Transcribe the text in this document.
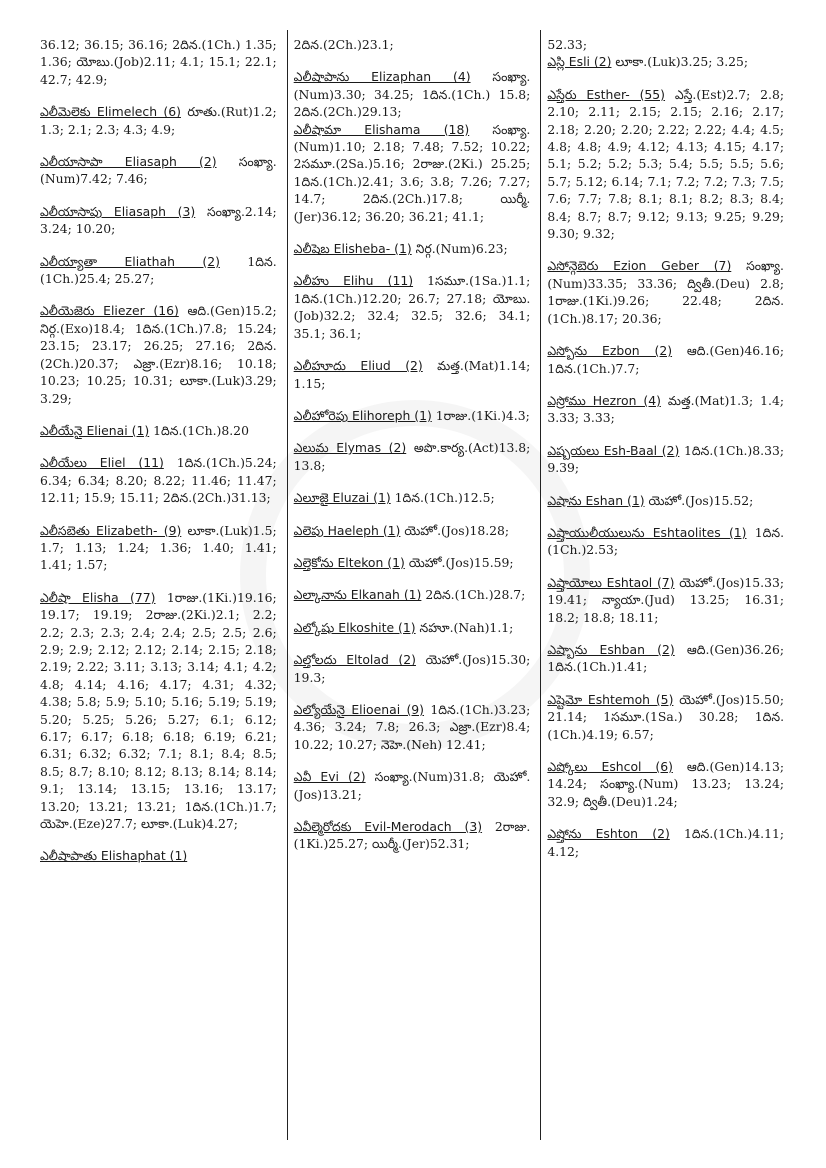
36.12; 36.15; 36.16; 2దిన.(1Ch.) 1.35; 1.36; యోబు.(Job)2.11; 4.1; 15.1; 22.1; 42.7; 42.9;
ఎలీమెలెకు Elimelech (6) రూతు.(Rut)1.2; 1.3; 2.1; 2.3; 4.3; 4.9;
ఎలీయాసాపా Eliasaph (2) సంఖ్యా.(Num)7.42; 7.46;
ఎలీయాసాపు Eliasaph (3) సంఖ్యా.2.14; 3.24; 10.20;
ఎలీయ్యాతా Eliathah (2) 1దిన.(1Ch.)25.4; 25.27;
ఎలీయెజెరు Eliezer (16) ఆది.(Gen)15.2; నిర్గ.(Exo)18.4; 1దిన.(1Ch.)7.8; 15.24; 23.15; 23.17; 26.25; 27.16; 2దిన.(2Ch.)20.37; ఎజ్రా.(Ezr)8.16; 10.18; 10.23; 10.25; 10.31; లూకా.(Luk)3.29; 3.29;
ఎలీయేనై Elienai (1) 1దిన.(1Ch.)8.20
ఎలీయేలు Eliel (11) 1దిన.(1Ch.)5.24; 6.34; 6.34; 8.20; 8.22; 11.46; 11.47; 12.11; 15.9; 15.11; 2దిన.(2Ch.)31.13;
ఎలీసబెతు Elizabeth- (9) లూకా.(Luk)1.5; 1.7; 1.13; 1.24; 1.36; 1.40; 1.41; 1.41; 1.57;
ఎలీషా Elisha (77) 1రాజు.(1Ki.)19.16; 19.17; 19.19; 2రాజు.(2Ki.)2.1; 2.2; 2.2; 2.3; 2.3; 2.4; 2.4; 2.5; 2.5; 2.6; 2.9; 2.9; 2.12; 2.12; 2.14; 2.15; 2.18; 2.19; 2.22; 3.11; 3.13; 3.14; 4.1; 4.2; 4.8; 4.14; 4.16; 4.17; 4.31; 4.32; 4.38; 5.8; 5.9; 5.10; 5.16; 5.19; 5.19; 5.20; 5.25; 5.26; 5.27; 6.1; 6.12; 6.17; 6.17; 6.18; 6.18; 6.19; 6.21; 6.31; 6.32; 6.32; 7.1; 8.1; 8.4; 8.5; 8.5; 8.7; 8.10; 8.12; 8.13; 8.14; 8.14; 9.1; 13.14; 13.15; 13.16; 13.17; 13.20; 13.21; 13.21; 1దిన.(1Ch.)1.7; యెహె.(Eze)27.7; లూకా.(Luk)4.27;
ఎలీషాపాతు Elishaphat (1)
2దిన.(2Ch.)23.1;
ఎలీషాపాను Elizaphan (4) సంఖ్యా.(Num)3.30; 34.25; 1దిన.(1Ch.) 15.8; 2దిన.(2Ch.)29.13;
ఎలీషామా Elishama (18) సంఖ్యా.(Num)1.10; 2.18; 7.48; 7.52; 10.22; 2సమూ.(2Sa.)5.16; 2రాజు.(2Ki.) 25.25; 1దిన.(1Ch.)2.41; 3.6; 3.8; 7.26; 7.27; 14.7; 2దిన.(2Ch.)17.8; యిర్మీ.(Jer)36.12; 36.20; 36.21; 41.1;
ఎలీషెబ Elisheba- (1) నిర్గ.(Num)6.23;
ఎలీహు Elihu (11) 1సమూ.(1Sa.)1.1; 1దిన.(1Ch.)12.20; 26.7; 27.18; యోబు.(Job)32.2; 32.4; 32.5; 32.6; 34.1; 35.1; 36.1;
ఎలీహూదు Eliud (2) మత్త.(Mat)1.14; 1.15;
ఎలీహోరెపు Elihoreph (1) 1రాజు.(1Ki.)4.3;
ఎలుమ Elymas (2) అపొ.కార్య.(Act)13.8; 13.8;
ఎలూజై Eluzai (1) 1దిన.(1Ch.)12.5;
ఎలెపు Haeleph (1) యెహో.(Jos)18.28;
ఎల్తెకోను Eltekon (1) యెహో.(Jos)15.59;
ఎల్కానాను Elkanah (1) 2దిన.(1Ch.)28.7;
ఎల్కోషు Elkoshite (1) నహూ.(Nah)1.1;
ఎల్తోలదు Eltolad (2) యెహో.(Jos)15.30; 19.3;
ఎల్యోయేనై Elioenai (9) 1దిన.(1Ch.)3.23; 4.36; 3.24; 7.8; 26.3; ఎజ్రా.(Ezr)8.4; 10.22; 10.27; నెహె.(Neh) 12.41;
ఎవీ Evi (2) సంఖ్యా.(Num)31.8; యెహో.(Jos)13.21;
ఎవీల్మెరోదకు Evil-Merodach (3) 2రాజు.(1Ki.)25.27; యిర్మీ.(Jer)52.31;
52.33;
ఎస్లి Esli (2) లూకా.(Luk)3.25; 3.25;
ఎస్తేరు Esther- (55) ఎస్తే.(Est)2.7; 2.8; 2.10; 2.11; 2.15; 2.15; 2.16; 2.17; 2.18; 2.20; 2.20; 2.22; 2.22; 4.4; 4.5; 4.8; 4.8; 4.9; 4.12; 4.13; 4.15; 4.17; 5.1; 5.2; 5.2; 5.3; 5.4; 5.5; 5.5; 5.6; 5.7; 5.12; 6.14; 7.1; 7.2; 7.2; 7.3; 7.5; 7.6; 7.7; 7.8; 8.1; 8.1; 8.2; 8.3; 8.4; 8.4; 8.7; 8.7; 9.12; 9.13; 9.25; 9.29; 9.30; 9.32;
ఎసోన్గెబెరు Ezion Geber (7) సంఖ్యా.(Num)33.35; 33.36; ద్వితీ.(Deu) 2.8; 1రాజు.(1Ki.)9.26; 22.48; 2దిన.(1Ch.)8.17; 20.36;
ఎస్బోను Ezbon (2) ఆది.(Gen)46.16; 1దిన.(1Ch.)7.7;
ఎస్రోము Hezron (4) మత్త.(Mat)1.3; 1.4; 3.33; 3.33;
ఎష్బయలు Esh-Baal (2) 1దిన.(1Ch.)8.33; 9.39;
ఎషాను Eshan (1) యెహో.(Jos)15.52;
ఎష్తాయులీయులును Eshtaolites (1) 1దిన.(1Ch.)2.53;
ఎష్తాయోలు Eshtaol (7) యెహో.(Jos)15.33; 19.41; న్యాయా.(Jud) 13.25; 16.31; 18.2; 18.8; 18.11;
ఎష్బాను Eshban (2) ఆది.(Gen)36.26; 1దిన.(1Ch.)1.41;
ఎష్టెమో Eshtemoh (5) యెహో.(Jos)15.50; 21.14; 1సమూ.(1Sa.) 30.28; 1దిన.(1Ch.)4.19; 6.57;
ఎష్కోలు Eshcol (6) ఆది.(Gen)14.13; 14.24; సంఖ్యా.(Num) 13.23; 13.24; 32.9; ద్వితీ.(Deu)1.24;
ఎష్తోను Eshton (2) 1దిన.(1Ch.)4.11; 4.12;
